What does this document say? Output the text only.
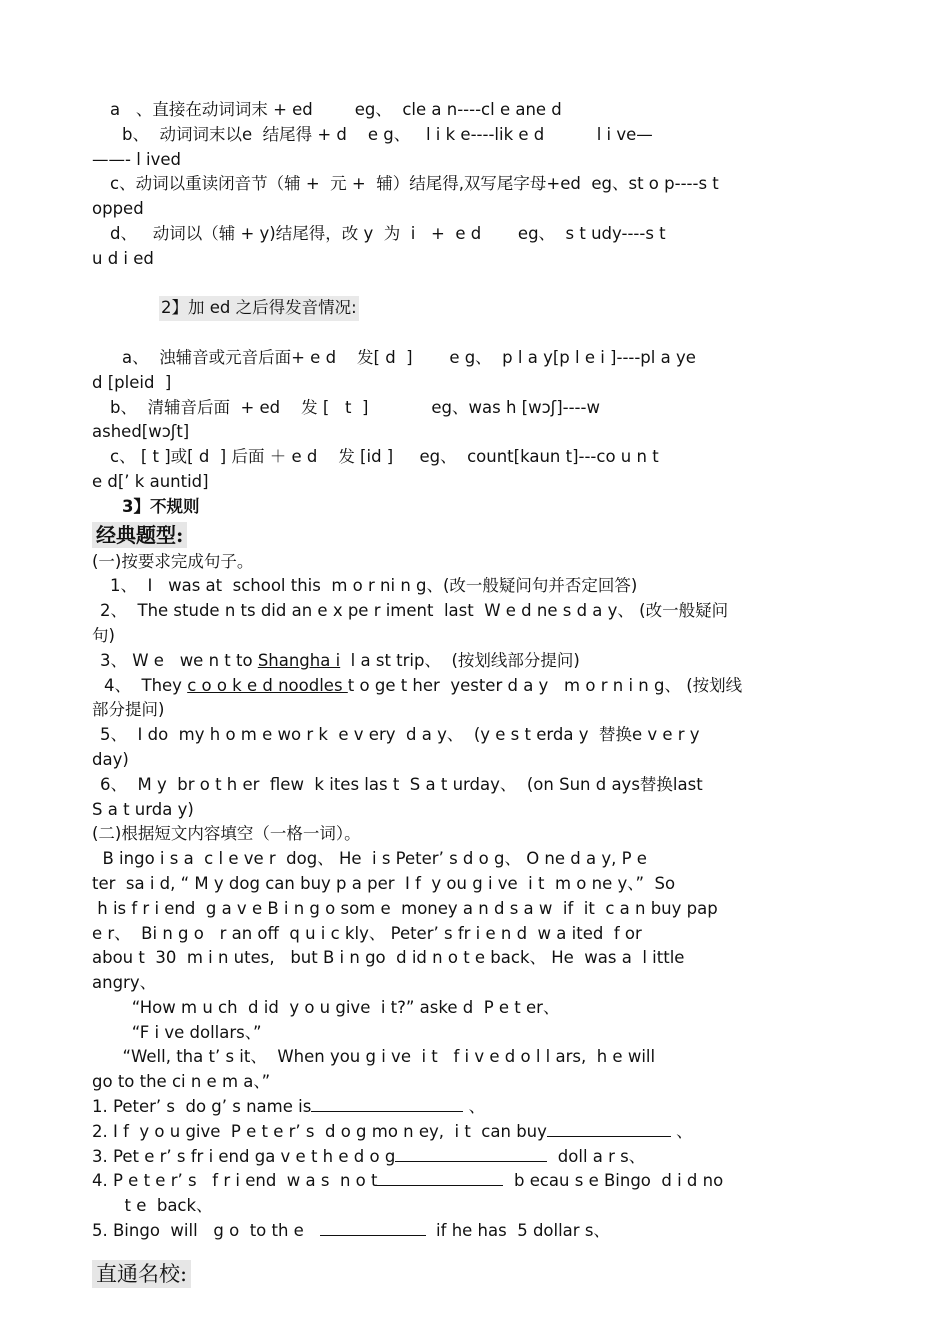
a   、直接在动词词末 + ed        eg、  cle a n----cl e ane d
b、  动词词末以e  结尾得 + d    e g、   l i k e----lik e d          l i ve—
——- l ived
c、动词以重读闭音节（辅 +  元 +  辅）结尾得,双写尾字母+ed  eg、st o p----s t
opped
d、   动词以（辅 + y)结尾得，改 y  为  i   +  e d       eg、  s t udy----s t
u d i ed

2】加 ed 之后得发音情况:

a、  浊辅音或元音后面+ e d    发[ d  ]       e g、  p l a y[p l e i ]----pl a ye
d [pleid  ]
b、  清辅音后面  + ed    发 [   t  ]            eg、was h [wɔʃ]----w
ashed[wɔʃt]
c、 [ t ]或[ d  ] 后面 ＋ e d    发 [id ]     eg、  count[kaun t]---co u n t
e d[’ k auntid]
3】不规则
经典题型:
(一)按要求完成句子。
1、  I   was at  school this  m o r ni n g、(改一般疑问句并否定回答)
2、  The stude n ts did an e x pe r iment  last  W e d ne s d a y、 (改一般疑问
句)
3、 W e   we n t to Shangha i  l a st trip、  (按划线部分提问)
4、  They c o o k e d noodles t o ge t her  yester d a y   m o r n i n g、 (按划线
部分提问)
5、  I do  my h o m e wo r k  e v ery  d a y、  (y e s t erda y  替换e v e r y
day)
6、  M y  br o t h er  flew  k ites las t  S a t urday、  (on Sun d ays替换last
S a t urda y)
(二)根据短文内容填空（一格一词）。
B ingo i s a  c l e ve r  dog、 He  i s Peter’ s d o g、 O ne d a y, P e
ter  sa i d, “ M y dog can buy p a per  I f  y ou g i ve  i t  m o ne y、”  So
h is f r i end  g a v e B i n g o som e  money a n d s a w  if  it  c a n buy pap
e r、  Bi n g o   r an off  q u i c kly、 Peter’ s fr i e n d  w a ited  f or
abou t  30  m i n utes,   but B i n go  d id n o t e back、 He  was a  l ittle
angry、
“How m u ch  d id  y o u give  i t?” aske d  P e t er、
“F i ve dollars、”
“Well, tha t’ s it、  When you g i ve  i t   f i v e d o l l ars,  h e will
go to the ci n e m a、”
1. Peter’ s  do g’ s name is	、
2. I f  y o u give  P e t e r’ s  d o g mo n ey,  i t  can buy	、
3. Pet e r’ s fr i end ga v e t h e d o g	doll a r s、
4. P e t e r’ s   f r i end  w a s  n o t	b ecau s e Bingo  d i d no
t e  back、
5. Bingo  will   g o  to th e	if he has  5 dollar s、
直通名校:
